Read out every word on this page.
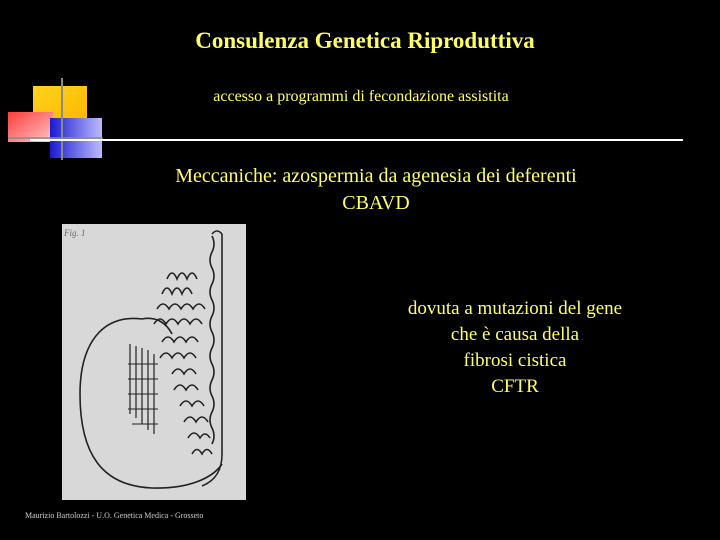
Consulenza Genetica Riproduttiva
accesso a programmi di fecondazione assistita
Meccaniche: azospermia da agenesia dei deferenti
CBAVD
Fig. 1
dovuta a mutazioni del gene
che è causa della
fibrosi cistica
CFTR
Maurizio Bartolozzi - U.O. Genetica Medica - Grosseto
